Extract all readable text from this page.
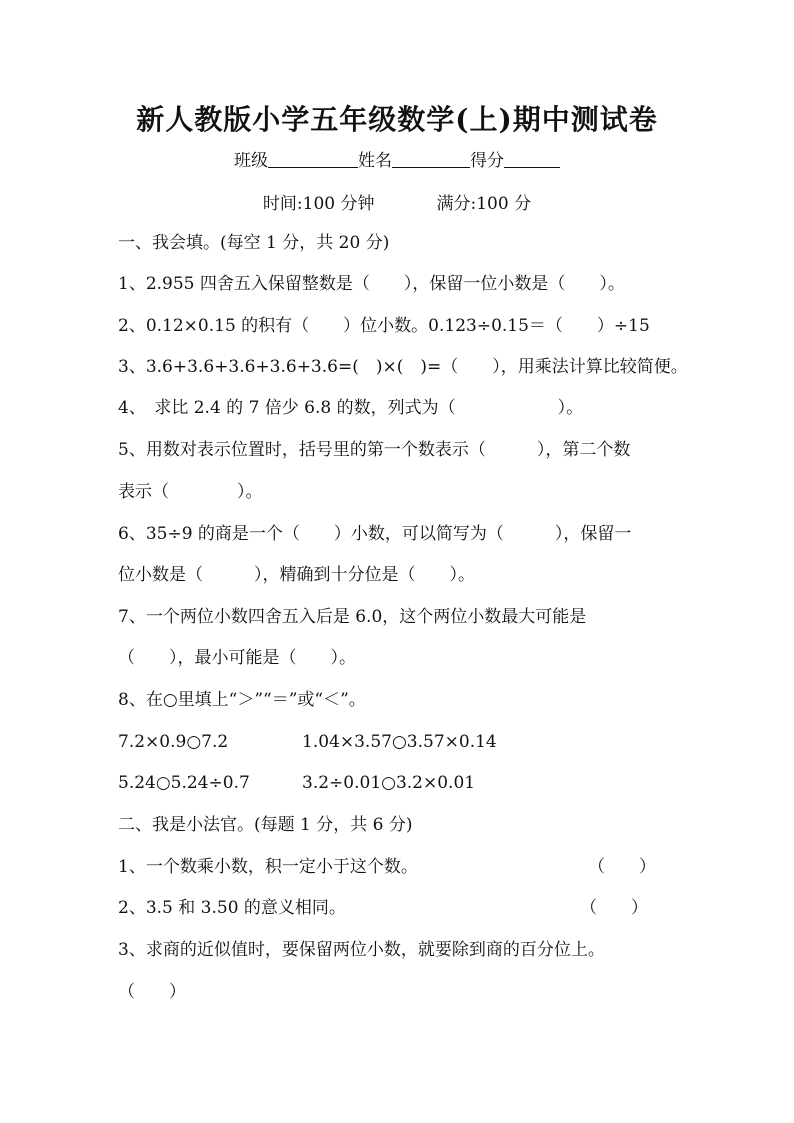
新人教版小学五年级数学(上)期中测试卷
班级	姓名	得分
时间:100 分钟	满分:100 分
一、我会填。(每空 1 分，共 20 分)
1、2.955 四舍五入保留整数是（　　），保留一位小数是（　　）。
2、0.12×0.15 的积有（　　）位小数。0.123÷0.15＝（　　）÷15
3、3.6+3.6+3.6+3.6+3.6=(　)×(　)=（　　），用乘法计算比较简便。
4、　求比 2.4 的 7 倍少 6.8 的数，列式为（　　　　　　）。
5、用数对表示位置时，括号里的第一个数表示（　　　），第二个数
表示（　　　　）。
6、35÷9 的商是一个（　　）小数，可以简写为（　　　），保留一
位小数是（　　　），精确到十分位是（　　）。
7、一个两位小数四舍五入后是 6.0，这个两位小数最大可能是
（　　），最小可能是（　　）。
8、在○里填上“＞”“＝”或“＜”。
7.2×0.9○7.2	1.04×3.57○3.57×0.14
5.24○5.24÷0.7	3.2÷0.01○3.2×0.01
二、我是小法官。(每题 1 分，共 6 分)
1、一个数乘小数，积一定小于这个数。	（　　）
2、3.5 和 3.50 的意义相同。	（　　）
3、求商的近似值时，要保留两位小数，就要除到商的百分位上。
（　　）
